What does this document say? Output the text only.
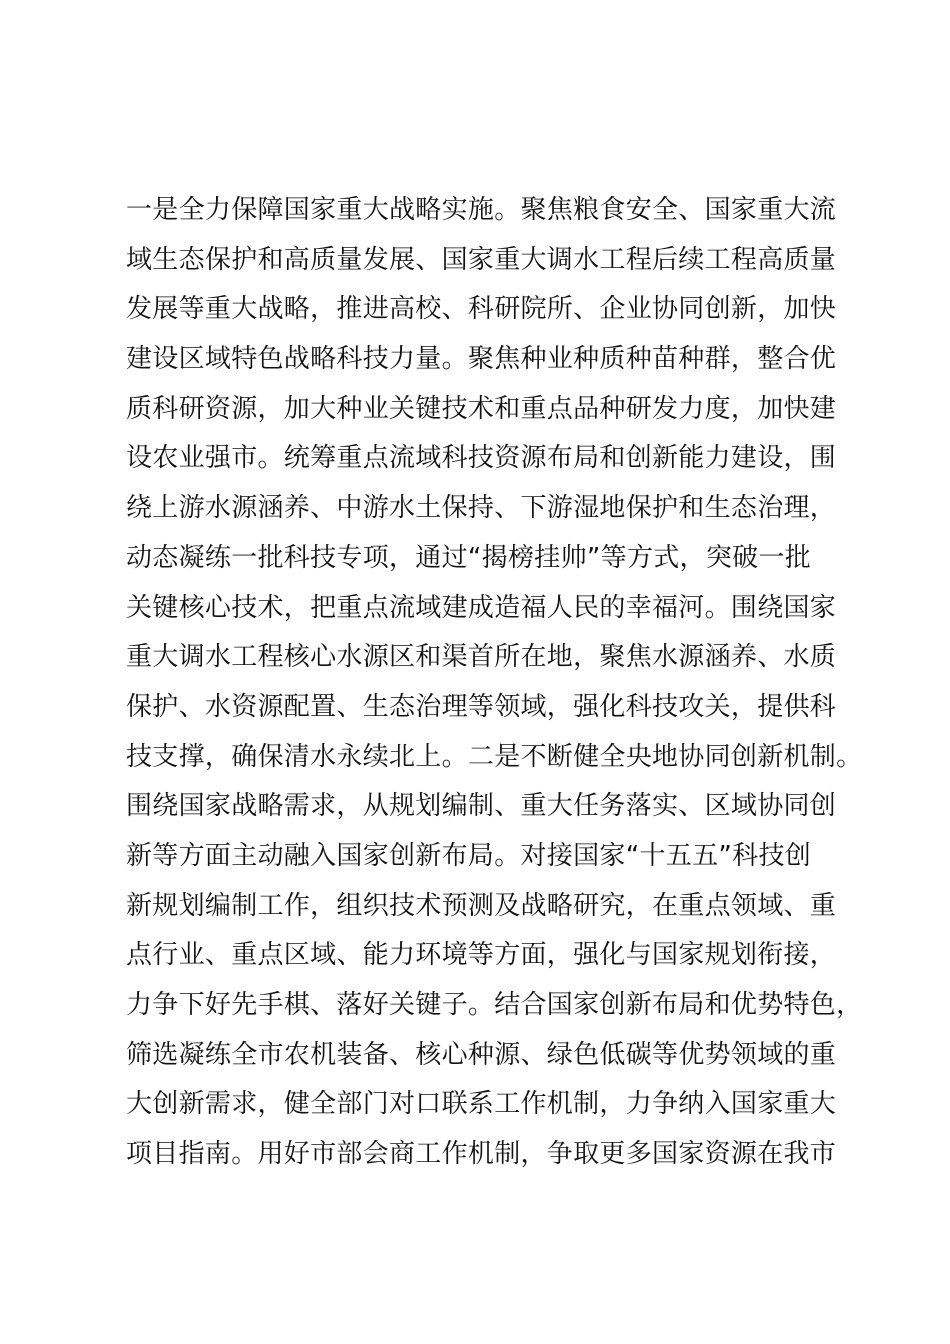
一是全力保障国家重大战略实施。聚焦粮食安全、国家重大流
域生态保护和高质量发展、国家重大调水工程后续工程高质量
发展等重大战略，推进高校、科研院所、企业协同创新，加快
建设区域特色战略科技力量。聚焦种业种质种苗种群，整合优
质科研资源，加大种业关键技术和重点品种研发力度，加快建
设农业强市。统筹重点流域科技资源布局和创新能力建设，围
绕上游水源涵养、中游水土保持、下游湿地保护和生态治理，
动态凝练一批科技专项，通过“揭榜挂帅”等方式，突破一批
关键核心技术，把重点流域建成造福人民的幸福河。围绕国家
重大调水工程核心水源区和渠首所在地，聚焦水源涵养、水质
保护、水资源配置、生态治理等领域，强化科技攻关，提供科
技支撑，确保清水永续北上。二是不断健全央地协同创新机制。
围绕国家战略需求，从规划编制、重大任务落实、区域协同创
新等方面主动融入国家创新布局。对接国家“十五五”科技创
新规划编制工作，组织技术预测及战略研究，在重点领域、重
点行业、重点区域、能力环境等方面，强化与国家规划衔接，
力争下好先手棋、落好关键子。结合国家创新布局和优势特色，
筛选凝练全市农机装备、核心种源、绿色低碳等优势领域的重
大创新需求，健全部门对口联系工作机制，力争纳入国家重大
项目指南。用好市部会商工作机制，争取更多国家资源在我市
